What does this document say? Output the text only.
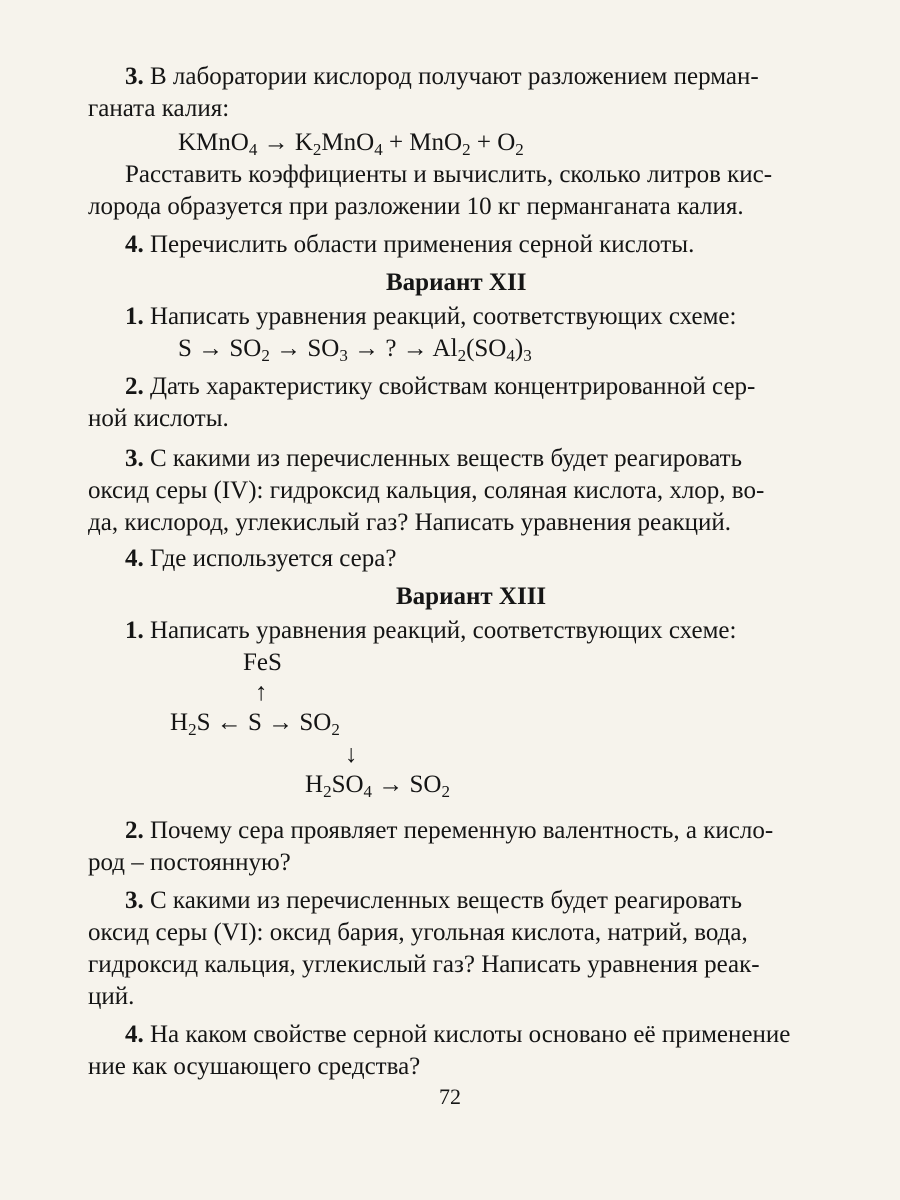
3. В лаборатории кислород получают разложением перман-
ганата калия:
KMnO$_4$ → $K_2MnO_4 + MnO_2 + O_2$
Расставить коэффициенты и вычислить, сколько литров кис-
лорода образуется при разложении 10 кг перманганата калия.
4. Перечислить области применения серной кислоты.
Вариант XII
1. Написать уравнения реакций, соответствующих схеме:
$S \to SO_2 \to SO_3$ → ? → $Al_2(SO_4)_3$
2. Дать характеристику свойствам концентрированной сер-
ной кислоты.
3. С какими из перечисленных веществ будет реагировать
оксид серы (IV): гидроксид кальция, соляная кислота, хлор, во-
да, кислород, углекислый газ? Написать уравнения реакций.
4. Где используется сера?
Вариант XIII
1. Написать уравнения реакций, соответствующих схеме:
FeS
↑
$H_2S$ ← $S \to SO_2$
↓
$H_2SO_4 \to SO_2$
2. Почему сера проявляет переменную валентность, а кисло-
род – постоянную?
3. С какими из перечисленных веществ будет реагировать
оксид серы (VI): оксид бария, угольная кислота, натрий, вода,
гидроксид кальция, углекислый газ? Написать уравнения реак-
ций.
4. На каком свойстве серной кислоты основано её применение
ние как осушающего средства?
72
